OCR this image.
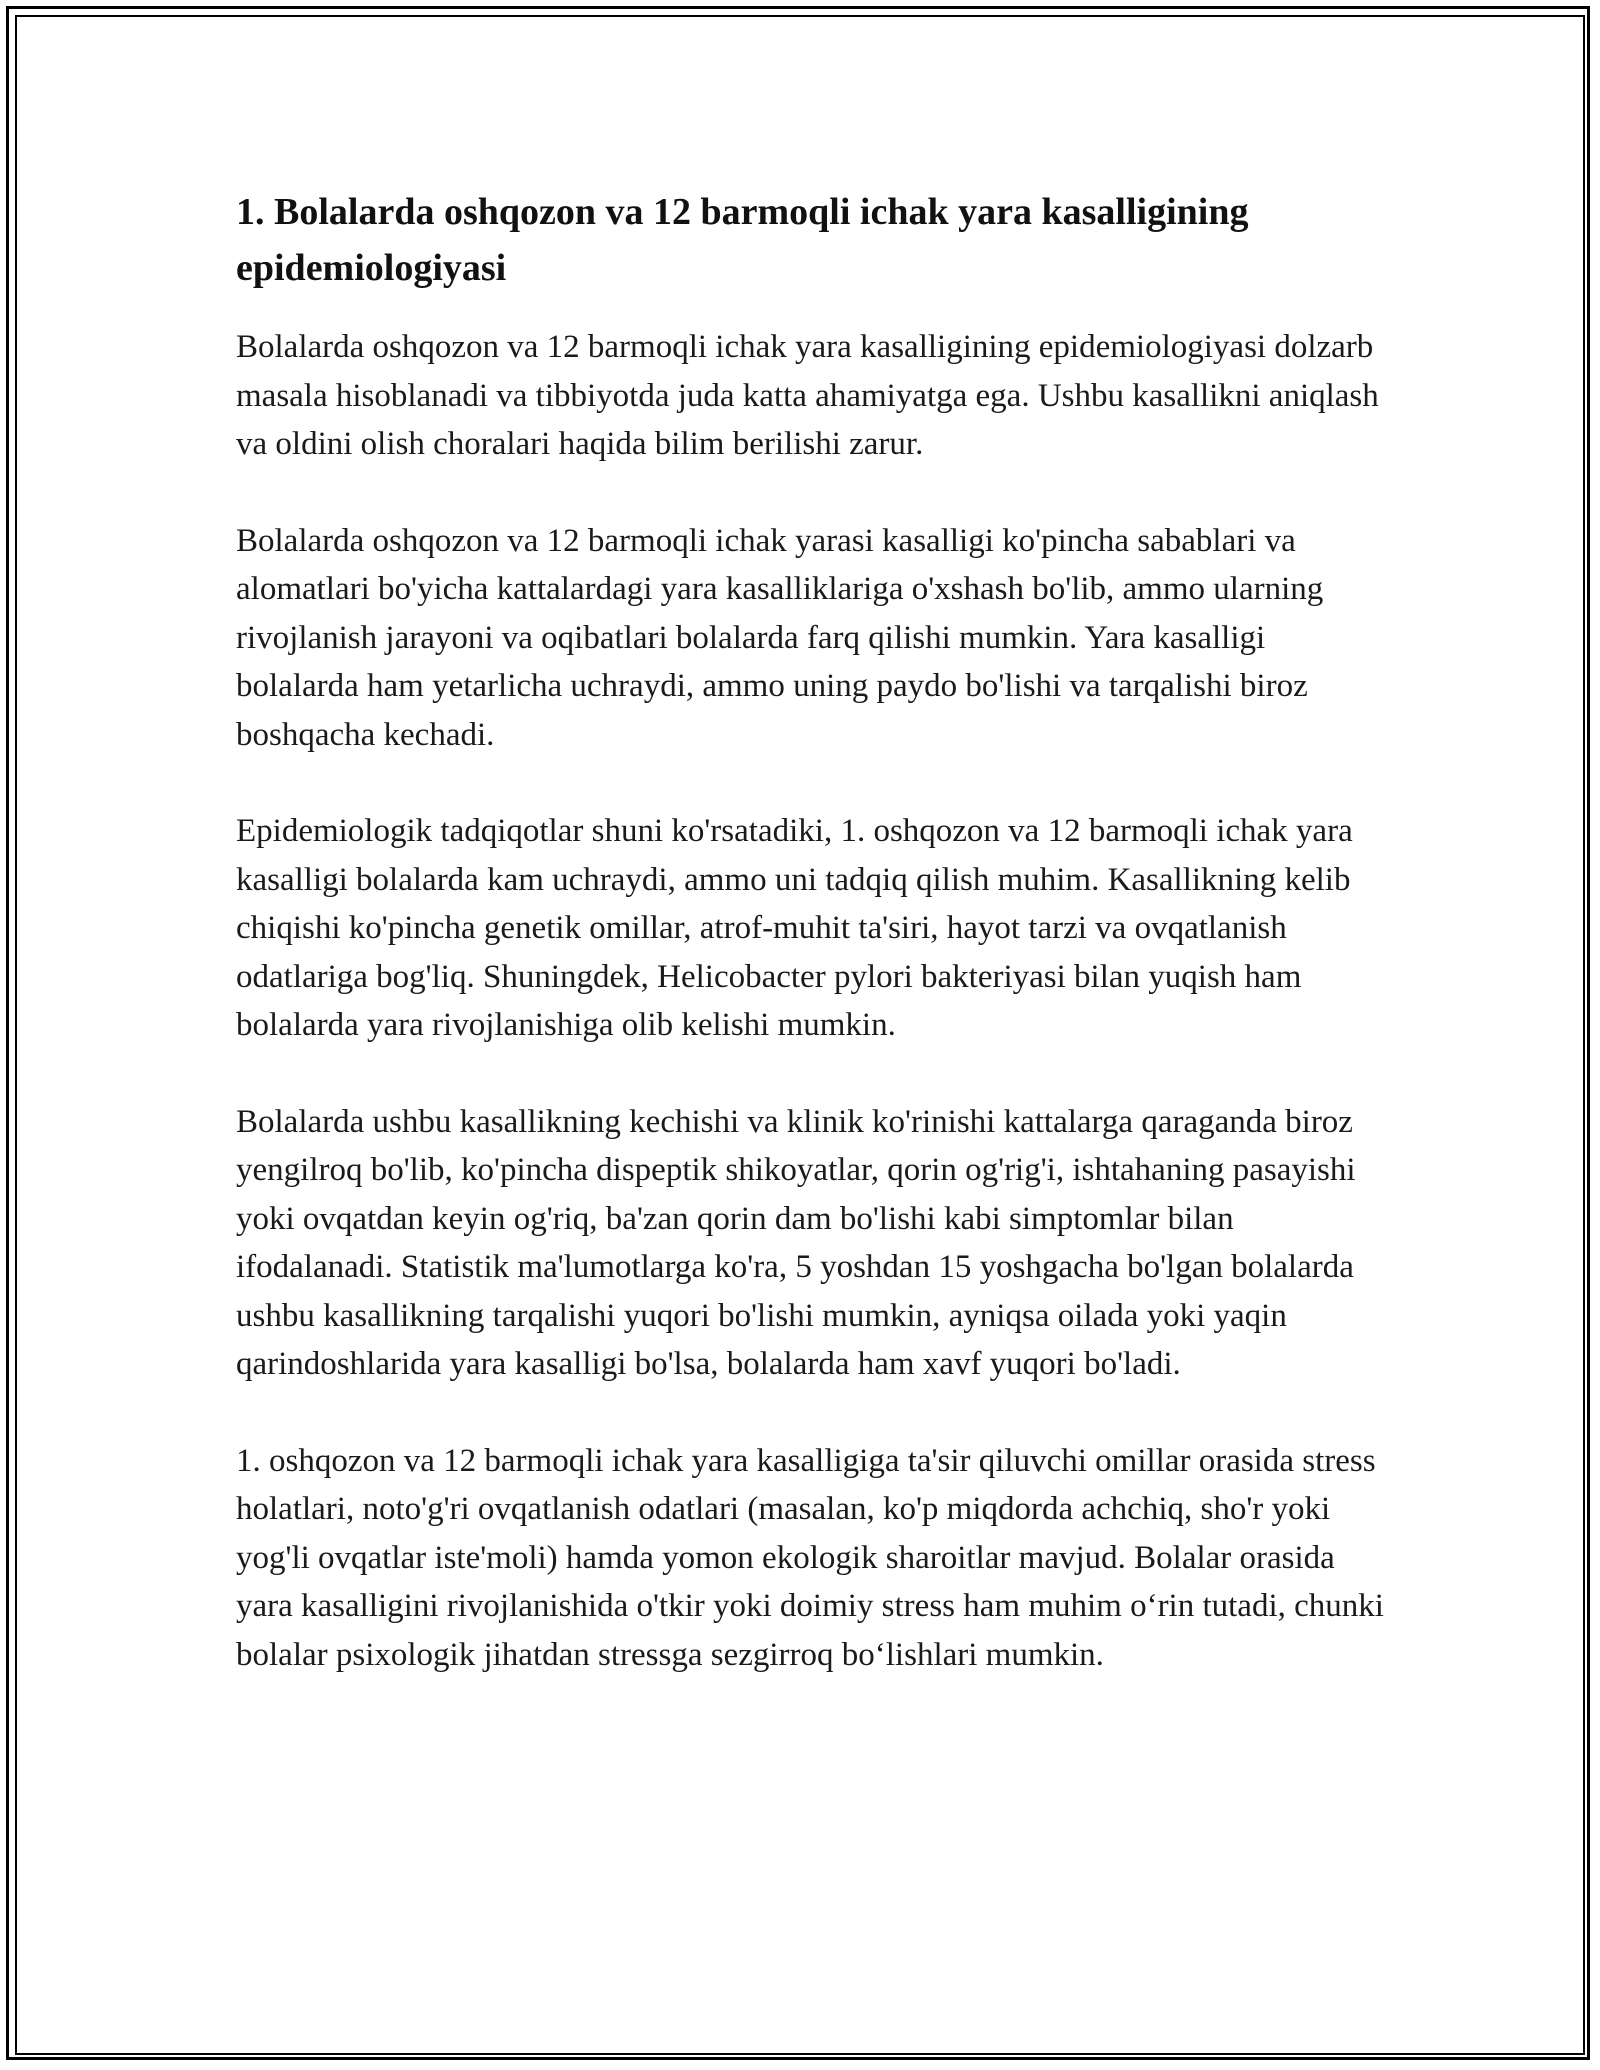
1. Bolalarda oshqozon va 12 barmoqli ichak yara kasalligining epidemiologiyasi

Bolalarda oshqozon va 12 barmoqli ichak yara kasalligining epidemiologiyasi dolzarb masala hisoblanadi va tibbiyotda juda katta ahamiyatga ega. Ushbu kasallikni aniqlash va oldini olish choralari haqida bilim berilishi zarur.

Bolalarda oshqozon va 12 barmoqli ichak yarasi kasalligi ko'pincha sabablari va alomatlari bo'yicha kattalardagi yara kasalliklariga o'xshash bo'lib, ammo ularning rivojlanish jarayoni va oqibatlari bolalarda farq qilishi mumkin. Yara kasalligi bolalarda ham yetarlicha uchraydi, ammo uning paydo bo'lishi va tarqalishi biroz boshqacha kechadi.

Epidemiologik tadqiqotlar shuni ko'rsatadiki, 1. oshqozon va 12 barmoqli ichak yara kasalligi bolalarda kam uchraydi, ammo uni tadqiq qilish muhim. Kasallikning kelib chiqishi ko'pincha genetik omillar, atrof-muhit ta'siri, hayot tarzi va ovqatlanish odatlariga bog'liq. Shuningdek, Helicobacter pylori bakteriyasi bilan yuqish ham bolalarda yara rivojlanishiga olib kelishi mumkin.

Bolalarda ushbu kasallikning kechishi va klinik ko'rinishi kattalarga qaraganda biroz yengilroq bo'lib, ko'pincha dispeptik shikoyatlar, qorin og'rig'i, ishtahaning pasayishi yoki ovqatdan keyin og'riq, ba'zan qorin dam bo'lishi kabi simptomlar bilan ifodalanadi. Statistik ma'lumotlarga ko'ra, 5 yoshdan 15 yoshgacha bo'lgan bolalarda ushbu kasallikning tarqalishi yuqori bo'lishi mumkin, ayniqsa oilada yoki yaqin qarindoshlarida yara kasalligi bo'lsa, bolalarda ham xavf yuqori bo'ladi.

1. oshqozon va 12 barmoqli ichak yara kasalligiga ta'sir qiluvchi omillar orasida stress holatlari, noto'g'ri ovqatlanish odatlari (masalan, ko'p miqdorda achchiq, sho'r yoki yog'li ovqatlar iste'moli) hamda yomon ekologik sharoitlar mavjud. Bolalar orasida yara kasalligini rivojlanishida o'tkir yoki doimiy stress ham muhim o‘rin tutadi, chunki bolalar psixologik jihatdan stressga sezgirroq bo‘lishlari mumkin.
